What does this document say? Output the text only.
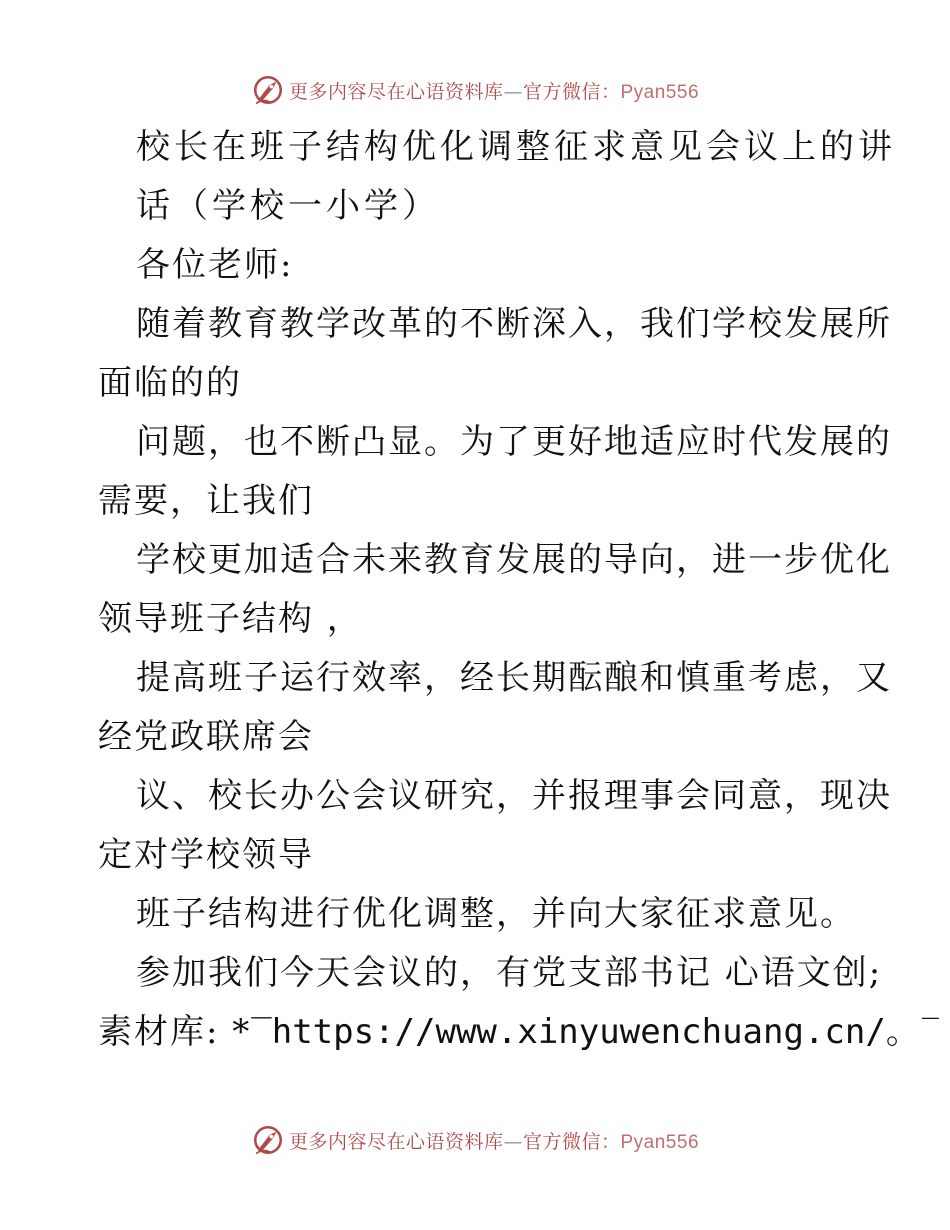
更多内容尽在心语资料库—官方微信：Pyan556
校长在班子结构优化调整征求意见会议上的讲
话（学校一小学）
各位老师:
随着教育教学改革的不断深入，我们学校发展所
面临的的
问题，也不断凸显。为了更好地适应时代发展的
需要，让我们
学校更加适合未来教育发展的导向，进一步优化
领导班子结构 ，
提高班子运行效率，经长期酝酿和慎重考虑，又
经党政联席会
议、校长办公会议研究，并报理事会同意，现决
定对学校领导
班子结构进行优化调整，并向大家征求意见。
参加我们今天会议的，有党支部书记 心语文创;
素材库: *‾https://www.xinyuwenchuang.cn/。‾
更多内容尽在心语资料库—官方微信：Pyan556
